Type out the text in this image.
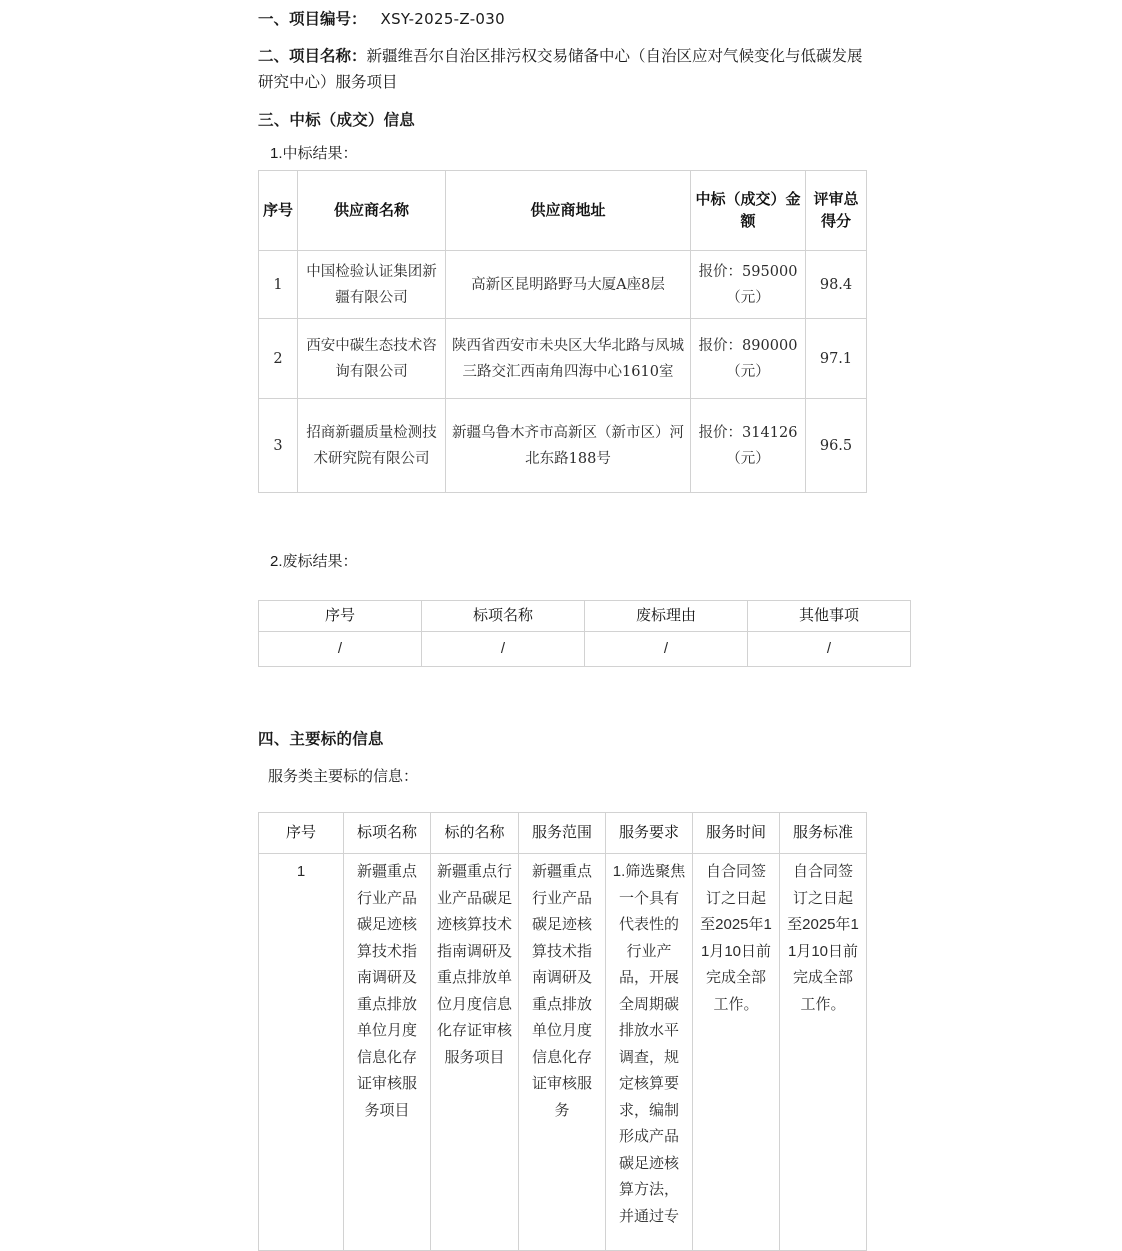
一、项目编号： XSY-2025-Z-030
二、项目名称：新疆维吾尔自治区排污权交易储备中心（自治区应对气候变化与低碳发展研究中心）服务项目
三、中标（成交）信息
1.中标结果：
序号	供应商名称	供应商地址	中标（成交）金额	评审总得分
1	中国检验认证集团新疆有限公司	高新区昆明路野马大厦A座8层	报价：595000（元）	98.4
2	西安中碳生态技术咨询有限公司	陕西省西安市未央区大华北路与凤城三路交汇西南角四海中心1610室	报价：890000（元）	97.1
3	招商新疆质量检测技术研究院有限公司	新疆乌鲁木齐市高新区（新市区）河北东路188号	报价：314126（元）	96.5
2.废标结果：
序号	标项名称	废标理由	其他事项
/	/	/	/
四、主要标的信息
服务类主要标的信息：
序号	标项名称	标的名称	服务范围	服务要求	服务时间	服务标准
1	新疆重点行业产品碳足迹核算技术指南调研及重点排放单位月度信息化存证审核服务项目	新疆重点行业产品碳足迹核算技术指南调研及重点排放单位月度信息化存证审核服务项目	新疆重点行业产品碳足迹核算技术指南调研及重点排放单位月度信息化存证审核服务	1.筛选聚焦一个具有代表性的行业产品，开展全周期碳排放水平调查，规定核算要求，编制形成产品碳足迹核算方法，并通过专	自合同签订之日起至2025年11月10日前完成全部工作。	自合同签订之日起至2025年11月10日前完成全部工作。
